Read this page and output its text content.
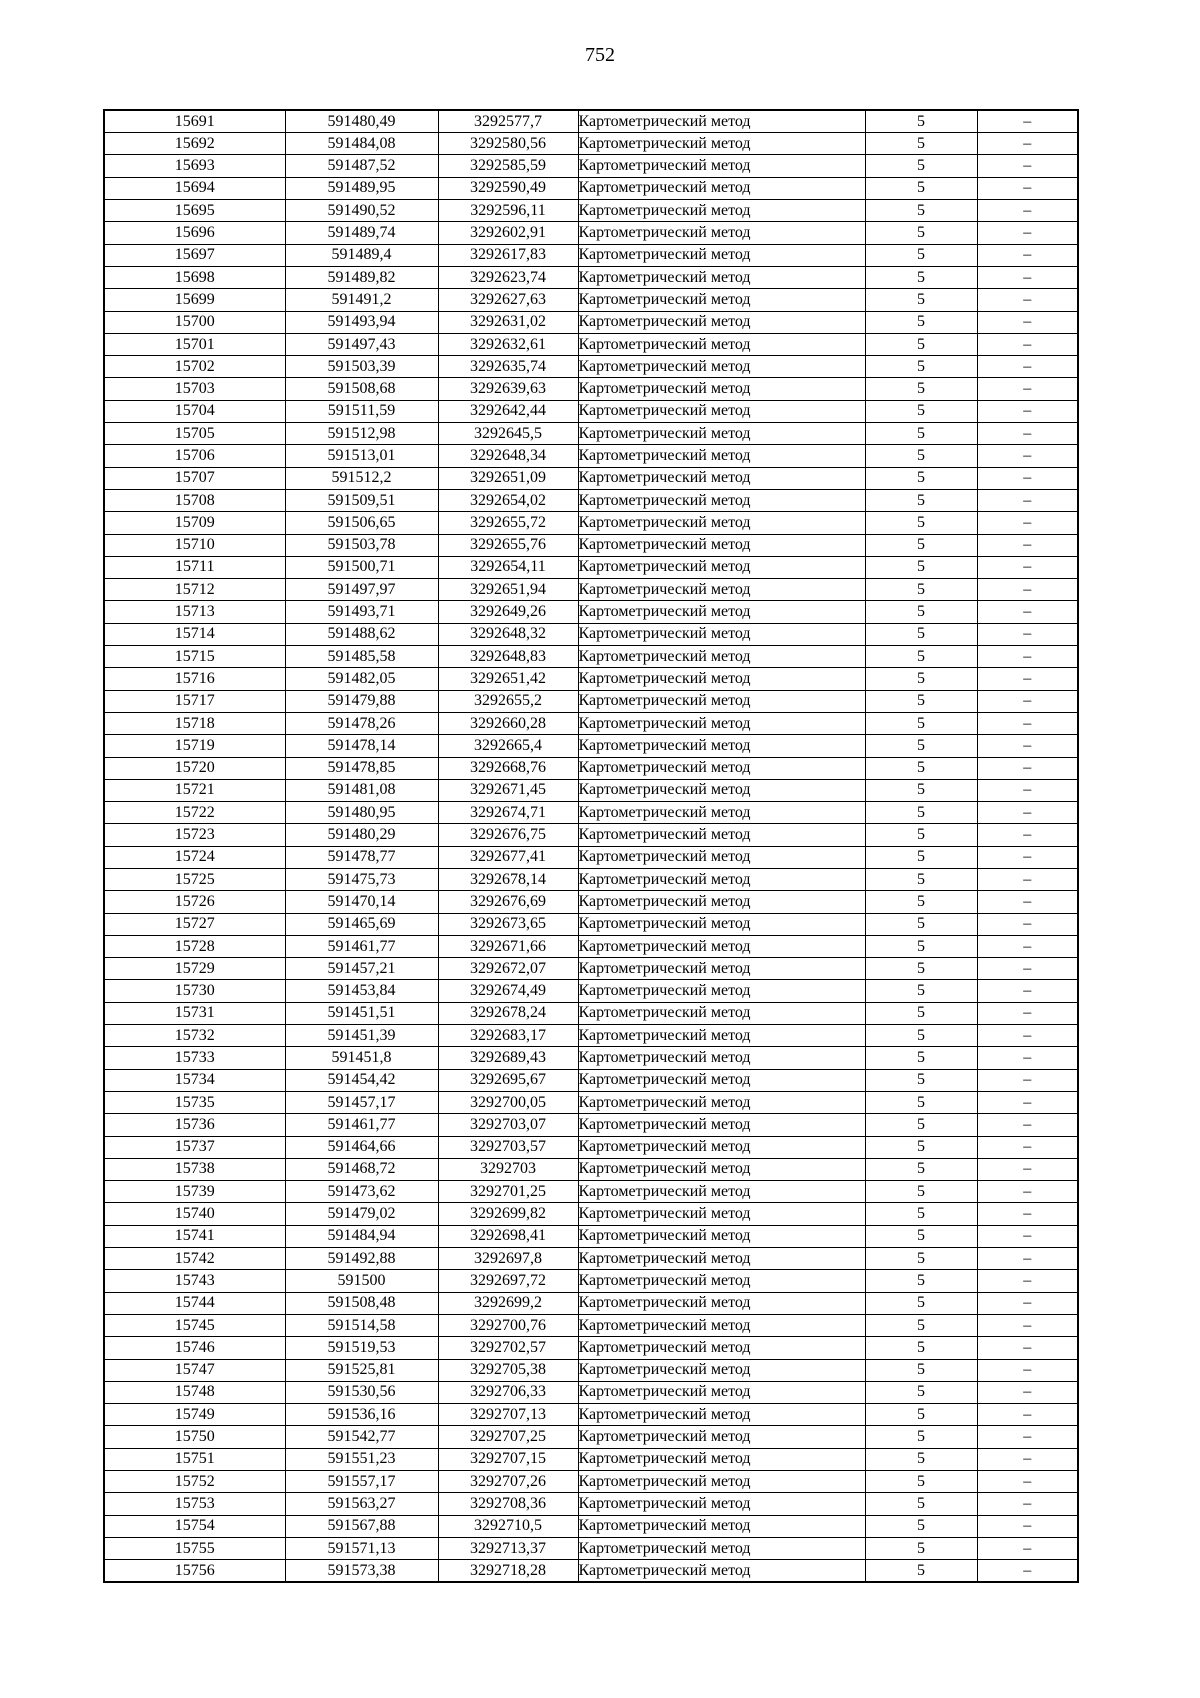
752
15691	591480,49	3292577,7	Картометрический метод	5	–
15692	591484,08	3292580,56	Картометрический метод	5	–
15693	591487,52	3292585,59	Картометрический метод	5	–
15694	591489,95	3292590,49	Картометрический метод	5	–
15695	591490,52	3292596,11	Картометрический метод	5	–
15696	591489,74	3292602,91	Картометрический метод	5	–
15697	591489,4	3292617,83	Картометрический метод	5	–
15698	591489,82	3292623,74	Картометрический метод	5	–
15699	591491,2	3292627,63	Картометрический метод	5	–
15700	591493,94	3292631,02	Картометрический метод	5	–
15701	591497,43	3292632,61	Картометрический метод	5	–
15702	591503,39	3292635,74	Картометрический метод	5	–
15703	591508,68	3292639,63	Картометрический метод	5	–
15704	591511,59	3292642,44	Картометрический метод	5	–
15705	591512,98	3292645,5	Картометрический метод	5	–
15706	591513,01	3292648,34	Картометрический метод	5	–
15707	591512,2	3292651,09	Картометрический метод	5	–
15708	591509,51	3292654,02	Картометрический метод	5	–
15709	591506,65	3292655,72	Картометрический метод	5	–
15710	591503,78	3292655,76	Картометрический метод	5	–
15711	591500,71	3292654,11	Картометрический метод	5	–
15712	591497,97	3292651,94	Картометрический метод	5	–
15713	591493,71	3292649,26	Картометрический метод	5	–
15714	591488,62	3292648,32	Картометрический метод	5	–
15715	591485,58	3292648,83	Картометрический метод	5	–
15716	591482,05	3292651,42	Картометрический метод	5	–
15717	591479,88	3292655,2	Картометрический метод	5	–
15718	591478,26	3292660,28	Картометрический метод	5	–
15719	591478,14	3292665,4	Картометрический метод	5	–
15720	591478,85	3292668,76	Картометрический метод	5	–
15721	591481,08	3292671,45	Картометрический метод	5	–
15722	591480,95	3292674,71	Картометрический метод	5	–
15723	591480,29	3292676,75	Картометрический метод	5	–
15724	591478,77	3292677,41	Картометрический метод	5	–
15725	591475,73	3292678,14	Картометрический метод	5	–
15726	591470,14	3292676,69	Картометрический метод	5	–
15727	591465,69	3292673,65	Картометрический метод	5	–
15728	591461,77	3292671,66	Картометрический метод	5	–
15729	591457,21	3292672,07	Картометрический метод	5	–
15730	591453,84	3292674,49	Картометрический метод	5	–
15731	591451,51	3292678,24	Картометрический метод	5	–
15732	591451,39	3292683,17	Картометрический метод	5	–
15733	591451,8	3292689,43	Картометрический метод	5	–
15734	591454,42	3292695,67	Картометрический метод	5	–
15735	591457,17	3292700,05	Картометрический метод	5	–
15736	591461,77	3292703,07	Картометрический метод	5	–
15737	591464,66	3292703,57	Картометрический метод	5	–
15738	591468,72	3292703	Картометрический метод	5	–
15739	591473,62	3292701,25	Картометрический метод	5	–
15740	591479,02	3292699,82	Картометрический метод	5	–
15741	591484,94	3292698,41	Картометрический метод	5	–
15742	591492,88	3292697,8	Картометрический метод	5	–
15743	591500	3292697,72	Картометрический метод	5	–
15744	591508,48	3292699,2	Картометрический метод	5	–
15745	591514,58	3292700,76	Картометрический метод	5	–
15746	591519,53	3292702,57	Картометрический метод	5	–
15747	591525,81	3292705,38	Картометрический метод	5	–
15748	591530,56	3292706,33	Картометрический метод	5	–
15749	591536,16	3292707,13	Картометрический метод	5	–
15750	591542,77	3292707,25	Картометрический метод	5	–
15751	591551,23	3292707,15	Картометрический метод	5	–
15752	591557,17	3292707,26	Картометрический метод	5	–
15753	591563,27	3292708,36	Картометрический метод	5	–
15754	591567,88	3292710,5	Картометрический метод	5	–
15755	591571,13	3292713,37	Картометрический метод	5	–
15756	591573,38	3292718,28	Картометрический метод	5	–
